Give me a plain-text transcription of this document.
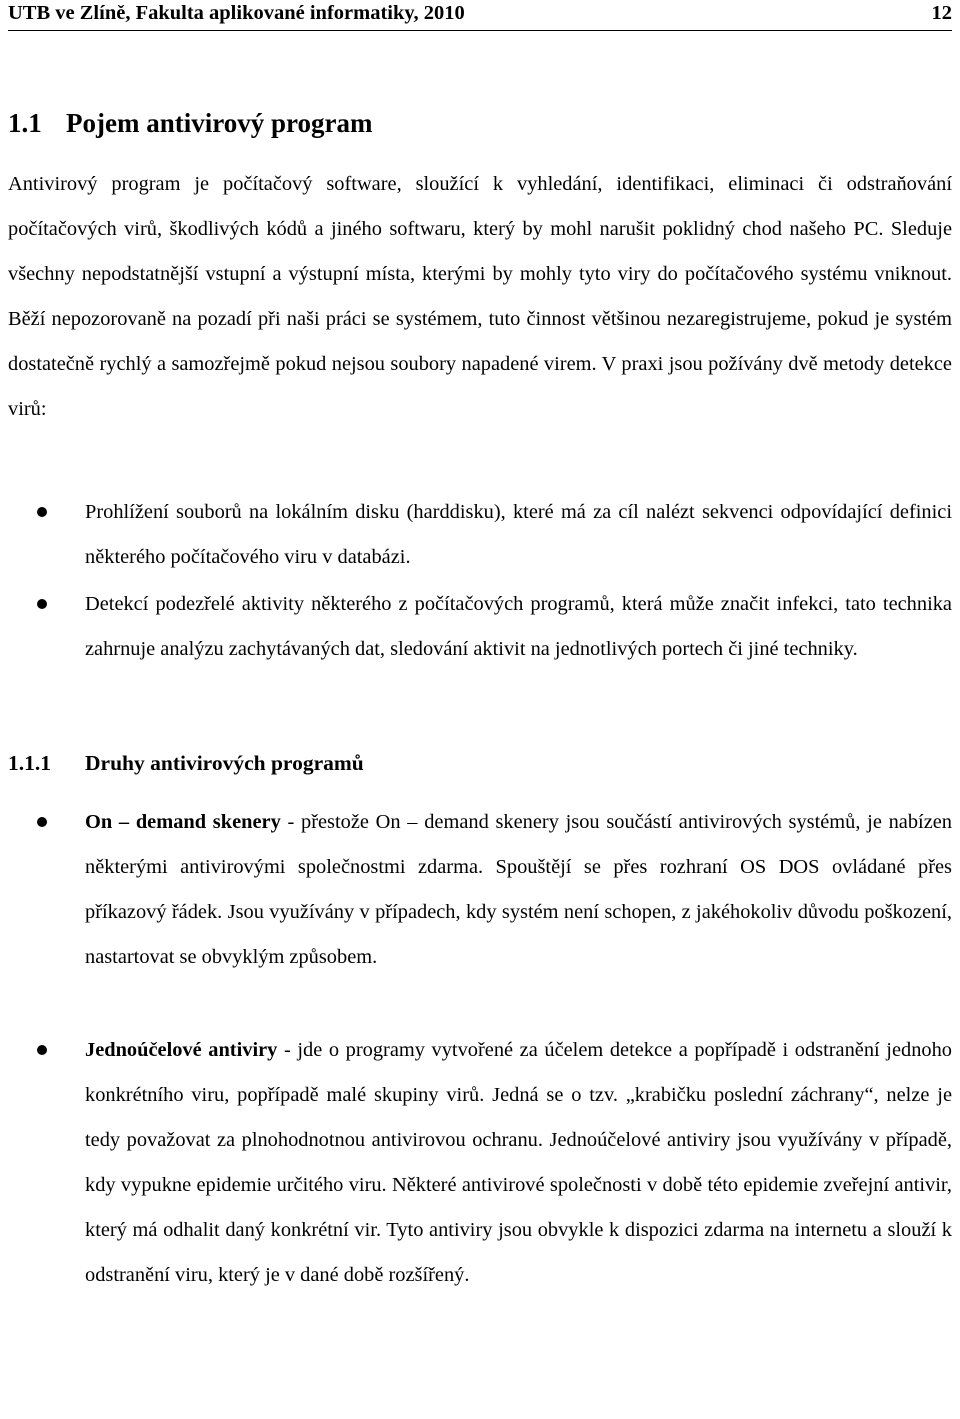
UTB ve Zlíně, Fakulta aplikované informatiky, 2010	12
1.1 Pojem antivirový program

Antivirový program je počítačový software, sloužící k vyhledání, identifikaci, eliminaci či odstraňování počítačových virů, škodlivých kódů a jiného softwaru, který by mohl narušit poklidný chod našeho PC. Sleduje všechny nepodstatnější vstupní a výstupní místa, kterými by mohly tyto viry do počítačového systému vniknout. Běží nepozorovaně na pozadí při naši práci se systémem, tuto činnost většinou nezaregistrujeme, pokud je systém dostatečně rychlý a samozřejmě pokud nejsou soubory napadené virem. V praxi jsou požívány dvě metody detekce virů:

Prohlížení souborů na lokálním disku (harddisku), které má za cíl nalézt sekvenci odpovídající definici některého počítačového viru v databázi.
Detekcí podezřelé aktivity některého z počítačových programů, která může značit infekci, tato technika zahrnuje analýzu zachytávaných dat, sledování aktivit na jednotlivých portech či jiné techniky.
1.1.1 Druhy antivirových programů
On – demand skenery - přestože On – demand skenery jsou součástí antivirových systémů, je nabízen některými antivirovými společnostmi zdarma. Spouštějí se přes rozhraní OS DOS ovládané přes příkazový řádek. Jsou využívány v případech, kdy systém není schopen, z jakéhokoliv důvodu poškození, nastartovat se obvyklým způsobem.
Jednoúčelové antiviry - jde o programy vytvořené za účelem detekce a popřípadě i odstranění jednoho konkrétního viru, popřípadě malé skupiny virů. Jedná se o tzv. „krabičku poslední záchrany“, nelze je tedy považovat za plnohodnotnou antivirovou ochranu. Jednoúčelové antiviry jsou využívány v případě, kdy vypukne epidemie určitého viru. Některé antivirové společnosti v době této epidemie zveřejní antivir, který má odhalit daný konkrétní vir. Tyto antiviry jsou obvykle k dispozici zdarma na internetu a slouží k odstranění viru, který je v dané době rozšířený.
